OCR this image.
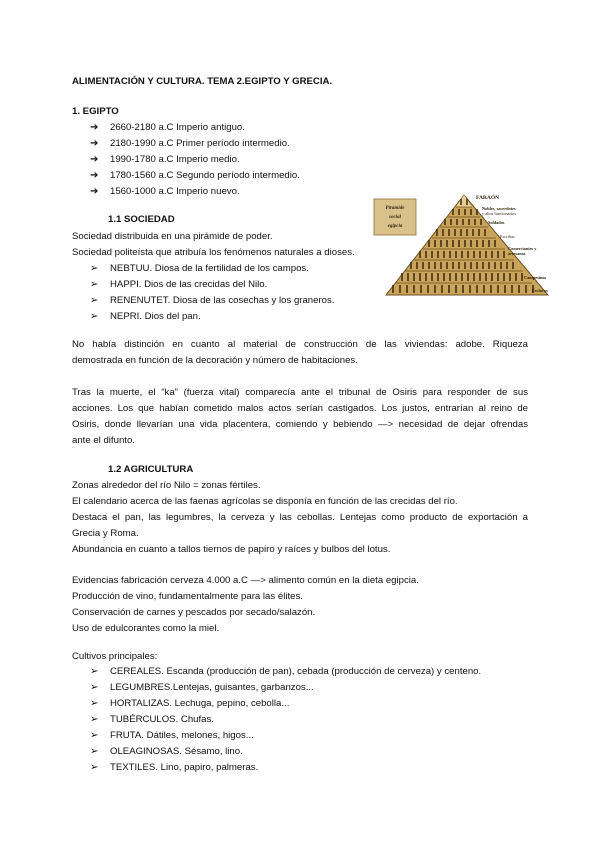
ALIMENTACIÓN Y CULTURA. TEMA 2.EGIPTO Y GRECIA.
1. EGIPTO
➔	2660-2180 a.C Imperio antiguo.
➔	2180-1990 a.C Primer período intermedio.
➔	1990-1780 a.C Imperio medio.
➔	1780-1560 a.C Segundo período intermedio.
➔	1560-1000 a.C Imperio nuevo.
1.1 SOCIEDAD
Sociedad distribuida en una pirámide de poder.
Sociedad politeísta que atribuía los fenómenos naturales a dioses.
➢	NEBTUU. Diosa de la fertilidad de los campos.
➢	HAPPI. Dios de las crecidas del Nilo.
➢	RENENUTET. Diosa de las cosechas y los graneros.
➢	NEPRI. Dios del pan.
Pirámide
social
egipcia
FARAÓN
Nobles, sacerdotes
y altos funcionarios
Soldados
Escribas
Comerciantes y
artesanos
Campesinos
Esclavos
No había distinción en cuanto al material de construcción de las viviendas: adobe. Riqueza
demostrada en función de la decoración y número de habitaciones.
Tras la muerte, el “ka” (fuerza vital) comparecía ante el tribunal de Osiris para responder de sus
acciones. Los que habían cometido malos actos serían castigados. Los justos, entrarían al reino de
Osiris, donde llevarían una vida placentera, comiendo y bebiendo —> necesidad de dejar ofrendas
ante el difunto.
1.2 AGRICULTURA
Zonas alrededor del río Nilo = zonas fértiles.
El calendario acerca de las faenas agrícolas se disponía en función de las crecidas del río.
Destaca el pan, las legumbres, la cerveza y las cebollas. Lentejas como producto de exportación a
Grecia y Roma.
Abundancia en cuanto a tallos tiernos de papiro y raíces y bulbos del lotus.
Evidencias fabricación cerveza 4.000 a.C —> alimento común en la dieta egipcia.
Producción de vino, fundamentalmente para las élites.
Conservación de carnes y pescados por secado/salazón.
Uso de edulcorantes como la miel.
Cultivos principales:
➢	CEREALES. Escanda (producción de pan), cebada (producción de cerveza) y centeno.
➢	LEGUMBRES.Lentejas, guisantes, garbanzos...
➢	HORTALIZAS. Lechuga, pepino, cebolla...
➢	TUBÉRCULOS. Chufas.
➢	FRUTA. Dátiles, melones, higos...
➢	OLEAGINOSAS. Sésamo, lino.
➢	TEXTILES. Lino, papiro, palmeras.
